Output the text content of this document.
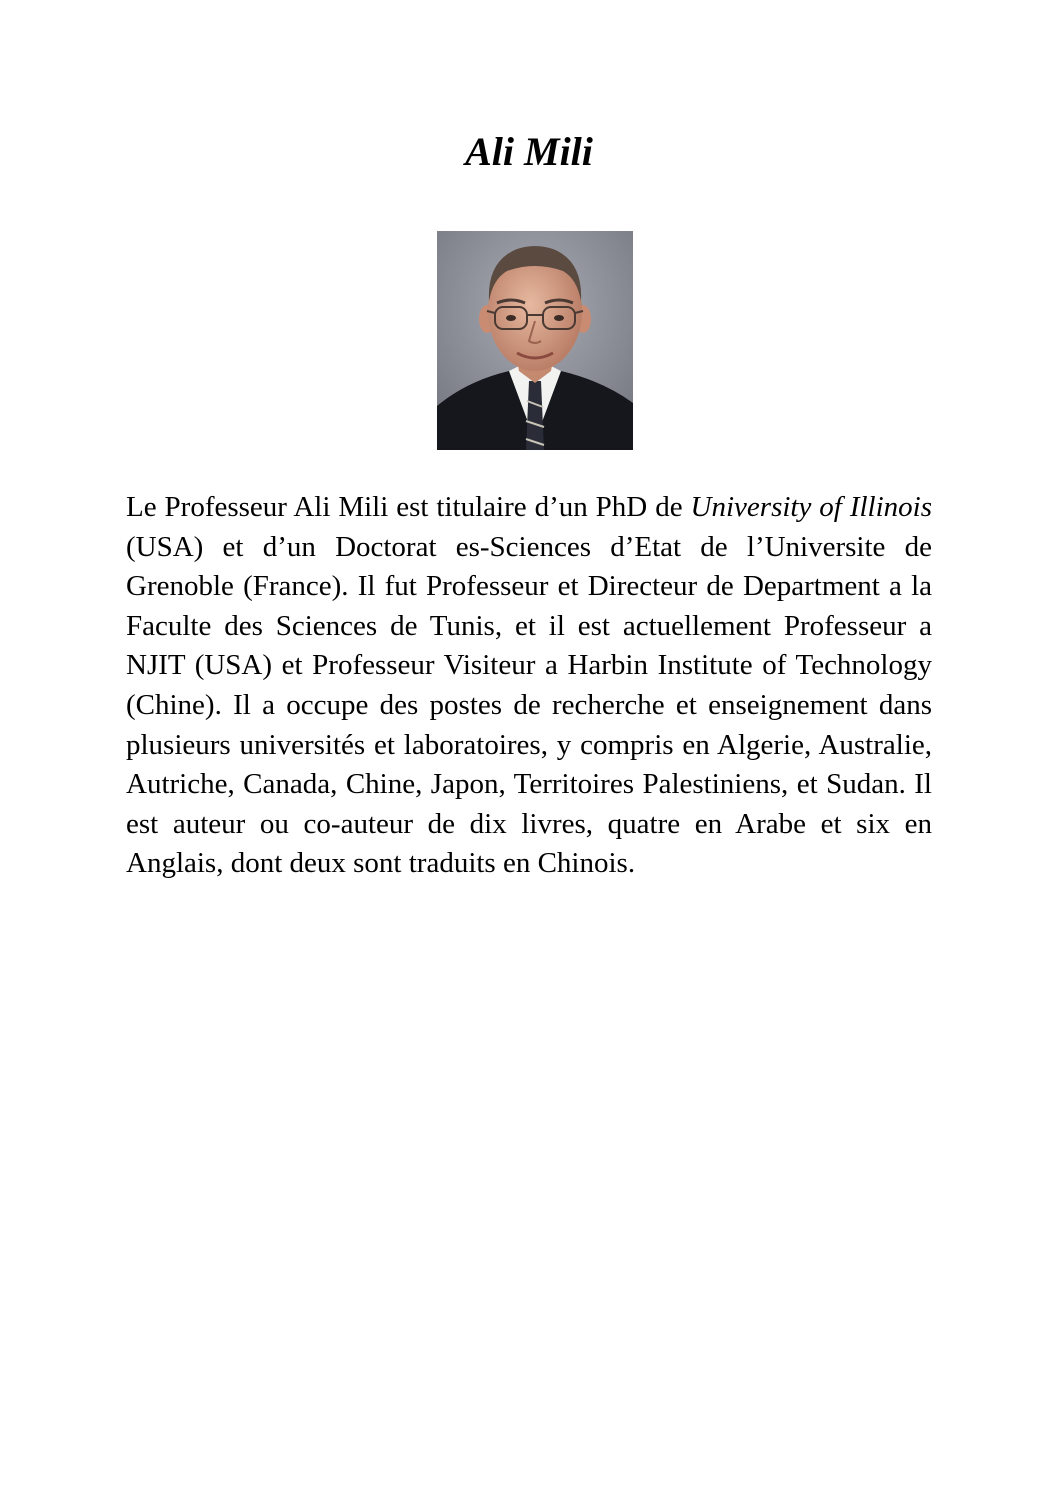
Ali Mili

Le Professeur Ali Mili est titulaire d’un PhD de University of Illinois (USA) et d’un Doctorat es-Sciences d’Etat de l’Universite de Grenoble (France). Il fut Professeur et Directeur de Department a la Faculte des Sciences de Tunis, et il est actuellement Professeur a NJIT (USA) et Professeur Visiteur a Harbin Institute of Technology (Chine). Il a occupe des postes de recherche et enseignement dans plusieurs universités et laboratoires, y compris en Algerie, Australie, Autriche, Canada, Chine, Japon, Territoires Palestiniens, et Sudan. Il est auteur ou co-auteur de dix livres, quatre en Arabe et six en Anglais, dont deux sont traduits en Chinois.
